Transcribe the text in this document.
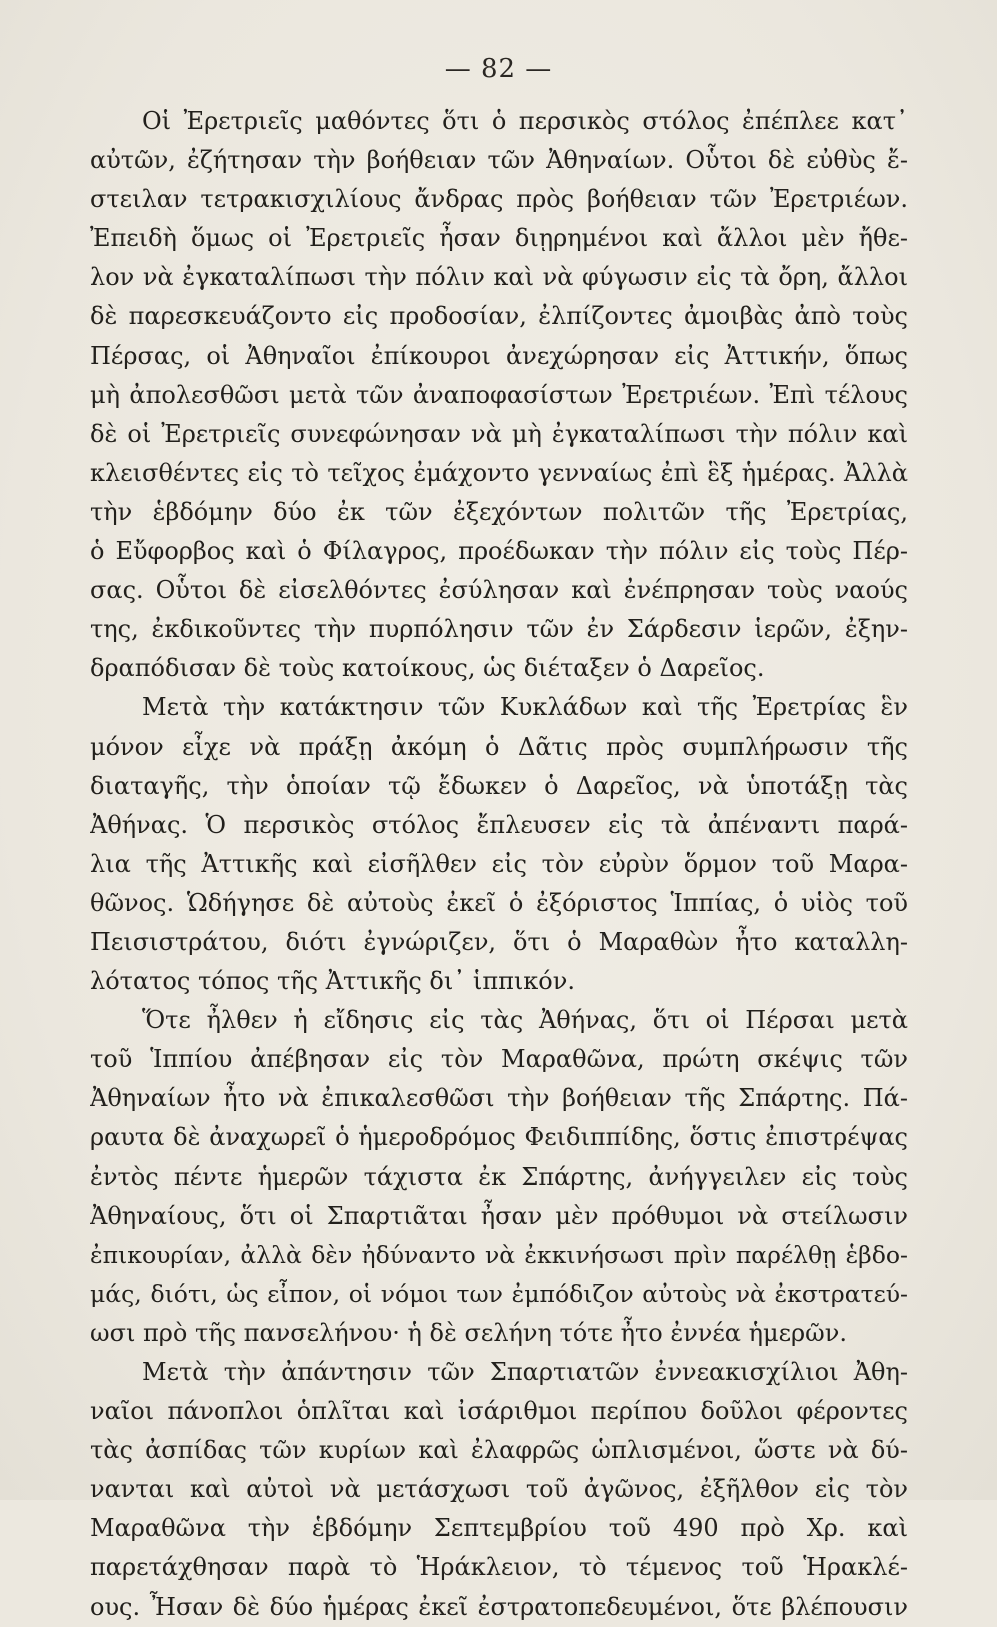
— 82 —
Οἱ Ἐρετριεῖς μαθόντες ὅτι ὁ περσικὸς στόλος ἐπέπλεε κατ᾽
αὐτῶν, ἐζήτησαν τὴν βοήθειαν τῶν Ἀθηναίων. Οὗτοι δὲ εὐθὺς ἔ-
στειλαν τετρακισχιλίους ἄνδρας πρὸς βοήθειαν τῶν Ἐρετριέων.
Ἐπειδὴ ὅμως οἱ Ἐρετριεῖς ἦσαν διῃρημένοι καὶ ἄλλοι μὲν ἤθε-
λον νὰ ἐγκαταλίπωσι τὴν πόλιν καὶ νὰ φύγωσιν εἰς τὰ ὄρη, ἄλλοι
δὲ παρεσκευάζοντο εἰς προδοσίαν, ἐλπίζοντες ἀμοιβὰς ἀπὸ τοὺς
Πέρσας, οἱ Ἀθηναῖοι ἐπίκουροι ἀνεχώρησαν εἰς Ἀττικήν, ὅπως
μὴ ἀπολεσθῶσι μετὰ τῶν ἀναποφασίστων Ἐρετριέων. Ἐπὶ τέλους
δὲ οἱ Ἐρετριεῖς συνεφώνησαν νὰ μὴ ἐγκαταλίπωσι τὴν πόλιν καὶ
κλεισθέντες εἰς τὸ τεῖχος ἐμάχοντο γενναίως ἐπὶ ἓξ ἡμέρας. Ἀλλὰ
τὴν ἑβδόμην δύο ἐκ τῶν ἐξεχόντων πολιτῶν τῆς Ἐρετρίας,
ὁ Εὔφορβος καὶ ὁ Φίλαγρος, προέδωκαν τὴν πόλιν εἰς τοὺς Πέρ-
σας. Οὗτοι δὲ εἰσελθόντες ἐσύλησαν καὶ ἐνέπρησαν τοὺς ναούς
της, ἐκδικοῦντες τὴν πυρπόλησιν τῶν ἐν Σάρδεσιν ἱερῶν, ἐξην-
δραπόδισαν δὲ τοὺς κατοίκους, ὡς διέταξεν ὁ Δαρεῖος.
Μετὰ τὴν κατάκτησιν τῶν Κυκλάδων καὶ τῆς Ἐρετρίας ἓν
μόνον εἶχε νὰ πράξῃ ἀκόμη ὁ Δᾶτις πρὸς συμπλήρωσιν τῆς
διαταγῆς, τὴν ὁποίαν τῷ ἔδωκεν ὁ Δαρεῖος, νὰ ὑποτάξῃ τὰς
Ἀθήνας. Ὁ περσικὸς στόλος ἔπλευσεν εἰς τὰ ἀπέναντι παρά-
λια τῆς Ἀττικῆς καὶ εἰσῆλθεν εἰς τὸν εὐρὺν ὅρμον τοῦ Μαρα-
θῶνος. Ὡδήγησε δὲ αὐτοὺς ἐκεῖ ὁ ἐξόριστος Ἱππίας, ὁ υἱὸς τοῦ
Πεισιστράτου, διότι ἐγνώριζεν, ὅτι ὁ Μαραθὼν ἦτο καταλλη-
λότατος τόπος τῆς Ἀττικῆς δι᾽ ἱππικόν.
Ὅτε ἦλθεν ἡ εἴδησις εἰς τὰς Ἀθήνας, ὅτι οἱ Πέρσαι μετὰ
τοῦ Ἱππίου ἀπέβησαν εἰς τὸν Μαραθῶνα, πρώτη σκέψις τῶν
Ἀθηναίων ἦτο νὰ ἐπικαλεσθῶσι τὴν βοήθειαν τῆς Σπάρτης. Πά-
ραυτα δὲ ἀναχωρεῖ ὁ ἡμεροδρόμος Φειδιππίδης, ὅστις ἐπιστρέψας
ἐντὸς πέντε ἡμερῶν τάχιστα ἐκ Σπάρτης, ἀνήγγειλεν εἰς τοὺς
Ἀθηναίους, ὅτι οἱ Σπαρτιᾶται ἦσαν μὲν πρόθυμοι νὰ στείλωσιν
ἐπικουρίαν, ἀλλὰ δὲν ἠδύναντο νὰ ἐκκινήσωσι πρὶν παρέλθῃ ἑβδο-
μάς, διότι, ὡς εἶπον, οἱ νόμοι των ἐμπόδιζον αὐτοὺς νὰ ἐκστρατεύ-
ωσι πρὸ τῆς πανσελήνου· ἡ δὲ σελήνη τότε ἦτο ἐννέα ἡμερῶν.
Μετὰ τὴν ἀπάντησιν τῶν Σπαρτιατῶν ἐννεακισχίλιοι Ἀθη-
ναῖοι πάνοπλοι ὁπλῖται καὶ ἰσάριθμοι περίπου δοῦλοι φέροντες
τὰς ἀσπίδας τῶν κυρίων καὶ ἐλαφρῶς ὡπλισμένοι, ὥστε νὰ δύ-
νανται καὶ αὐτοὶ νὰ μετάσχωσι τοῦ ἀγῶνος, ἐξῆλθον εἰς τὸν
Μαραθῶνα τὴν ἑβδόμην Σεπτεμβρίου τοῦ 490 πρὸ Χρ. καὶ
παρετάχθησαν παρὰ τὸ Ἡράκλειον, τὸ τέμενος τοῦ Ἡρακλέ-
ους. Ἦσαν δὲ δύο ἡμέρας ἐκεῖ ἐστρατοπεδευμένοι, ὅτε βλέπουσιν
